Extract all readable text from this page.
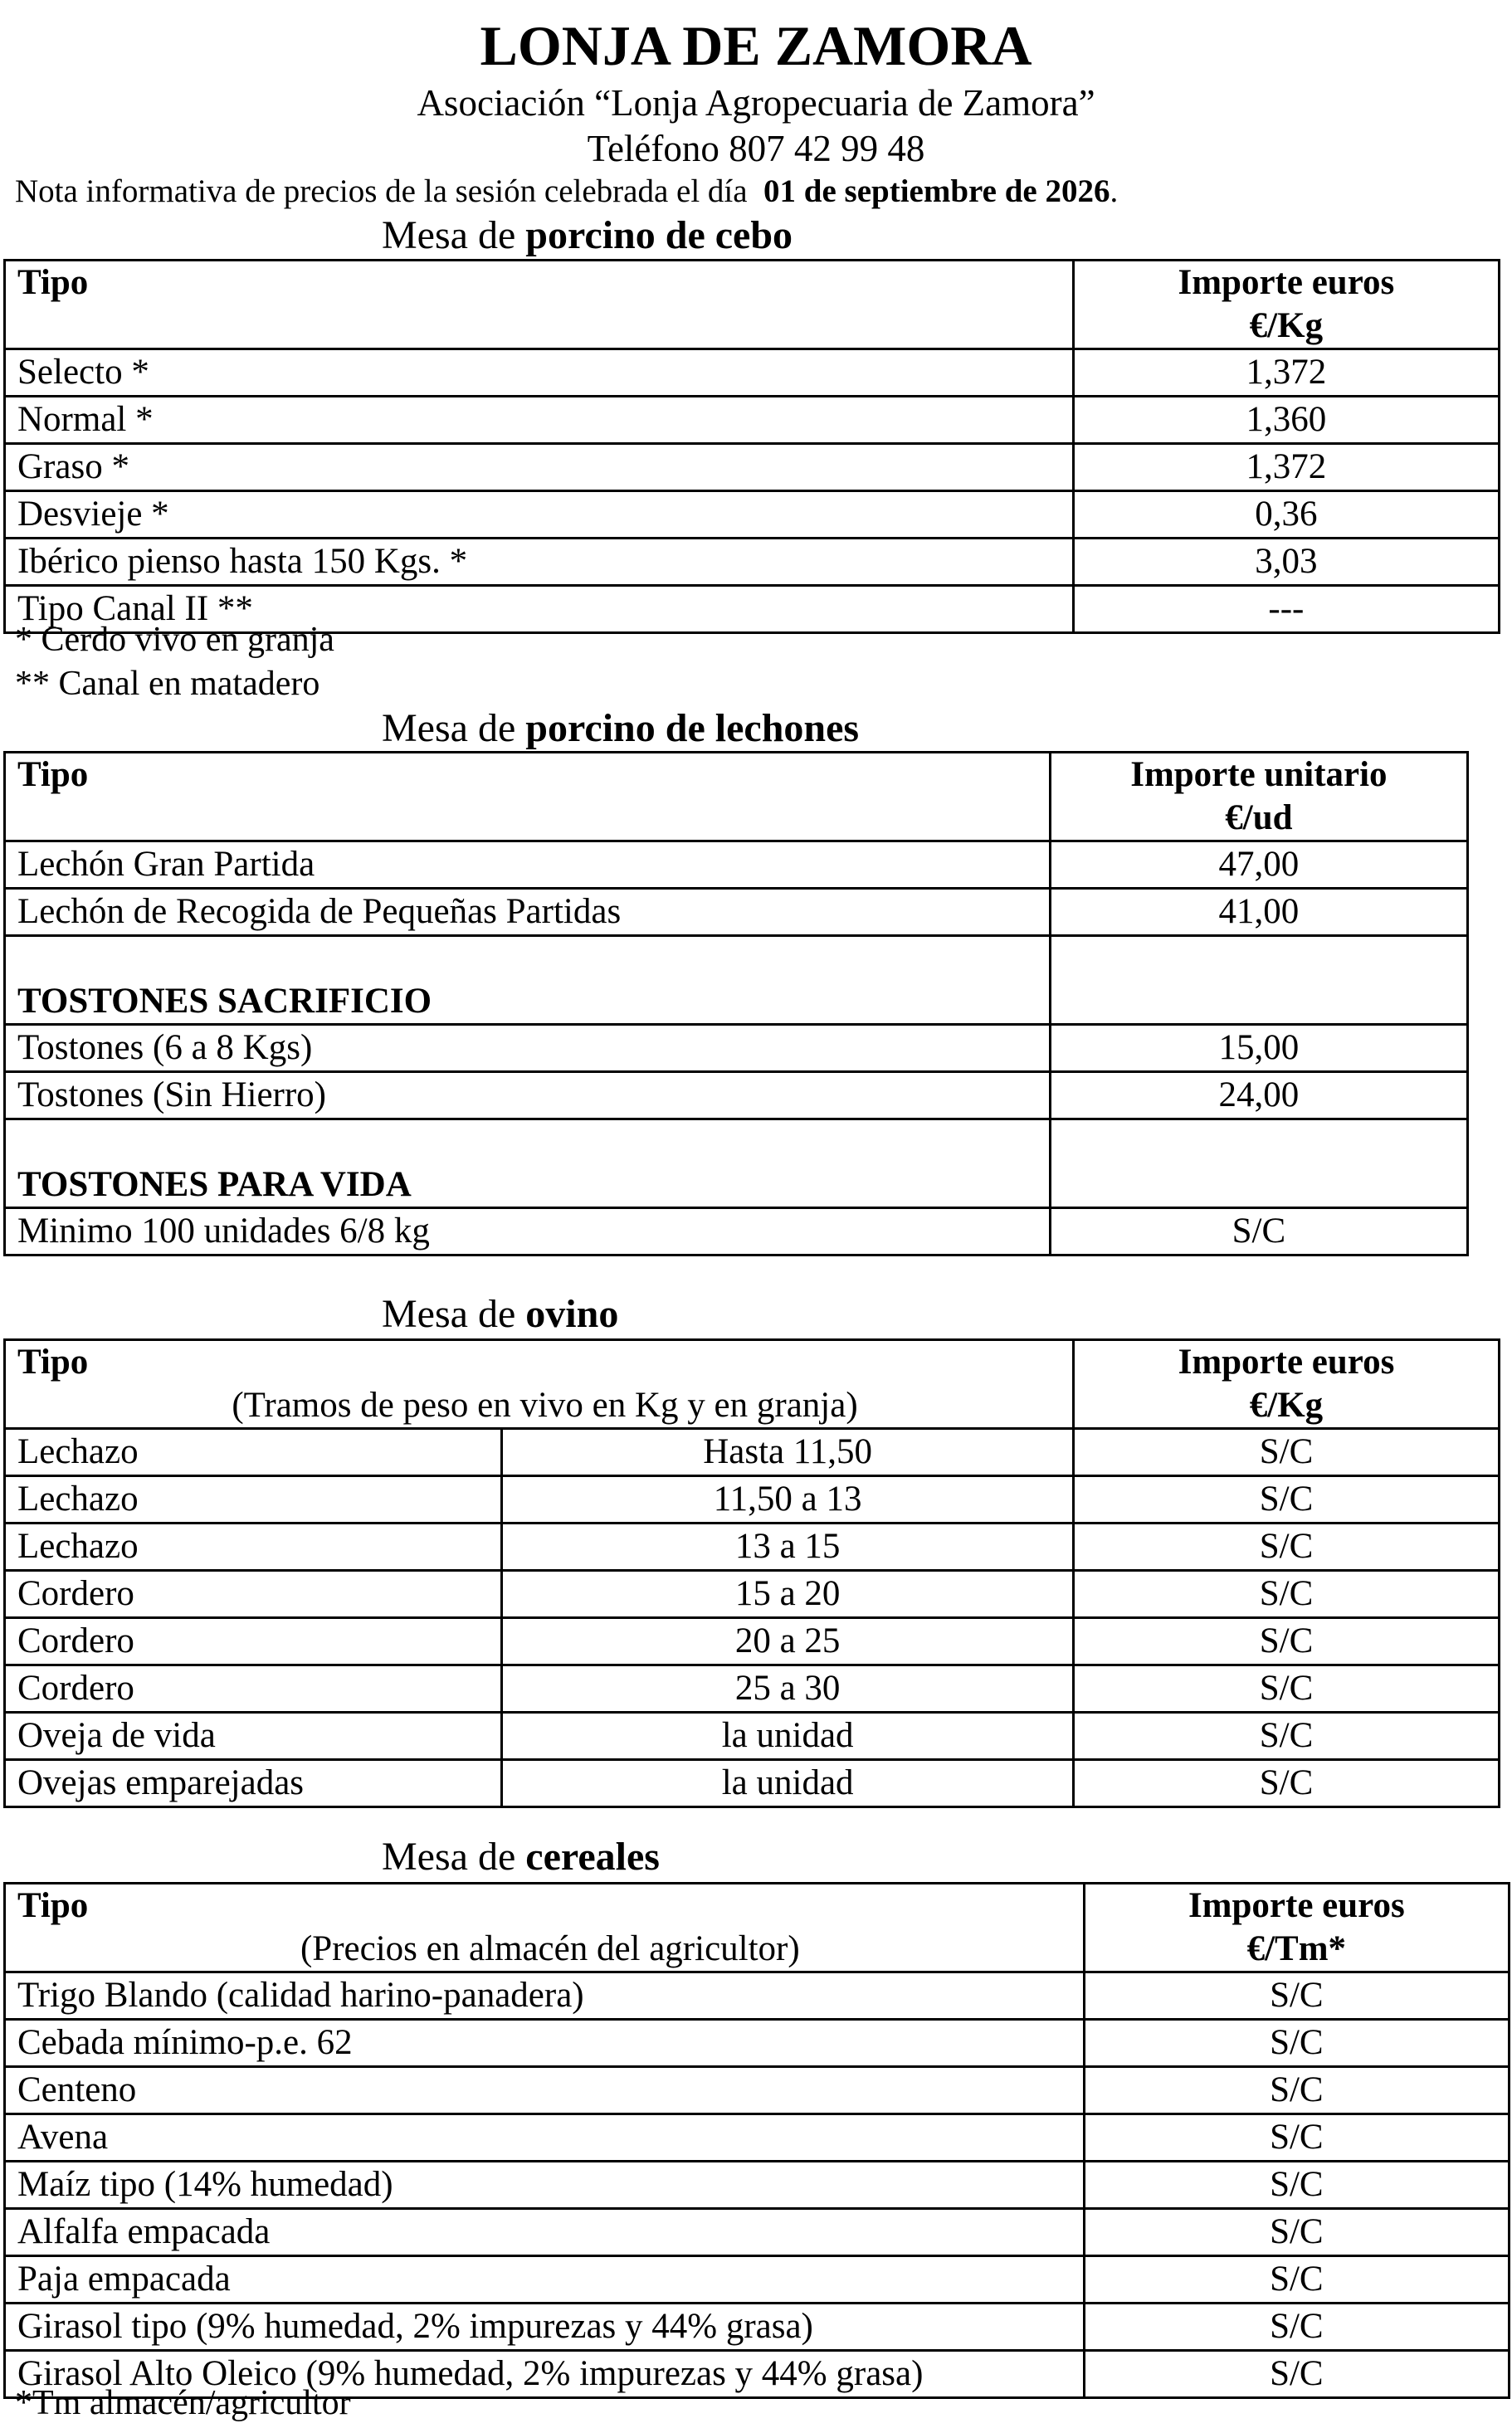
LONJA DE ZAMORA
Asociación “Lonja Agropecuaria de Zamora”
Teléfono 807 42 99 48
Nota informativa de precios de la sesión celebrada el día 01 de septiembre de 2026.
Mesa de porcino de cebo
Tipo	Importe euros
€/Kg
Selecto *	1,372
Normal *	1,360
Graso *	1,372
Desvieje *	0,36
Ibérico pienso hasta 150 Kgs. *	3,03
Tipo Canal II **	---
* Cerdo vivo en granja
** Canal en matadero
Mesa de porcino de lechones
Tipo	Importe unitario
€/ud
Lechón Gran Partida	47,00
Lechón de Recogida de Pequeñas Partidas	41,00
TOSTONES SACRIFICIO	
Tostones (6 a 8 Kgs)	15,00
Tostones (Sin Hierro)	24,00
TOSTONES PARA VIDA	
Minimo 100 unidades 6/8 kg	S/C
Mesa de ovino
Tipo
(Tramos de peso en vivo en Kg y en granja)		Importe euros
€/Kg
Lechazo	Hasta 11,50	S/C
Lechazo	11,50 a 13	S/C
Lechazo	13 a 15	S/C
Cordero	15 a 20	S/C
Cordero	20 a 25	S/C
Cordero	25 a 30	S/C
Oveja de vida	la unidad	S/C
Ovejas emparejadas	la unidad	S/C
Mesa de cereales
Tipo
(Precios en almacén del agricultor)	Importe euros
€/Tm*
Trigo Blando (calidad harino-panadera)	S/C
Cebada mínimo-p.e. 62	S/C
Centeno	S/C
Avena	S/C
Maíz tipo (14% humedad)	S/C
Alfalfa empacada	S/C
Paja empacada	S/C
Girasol tipo (9% humedad, 2% impurezas y 44% grasa)	S/C
Girasol Alto Oleico (9% humedad, 2% impurezas y 44% grasa)	S/C
*Tm almacén/agricultor
